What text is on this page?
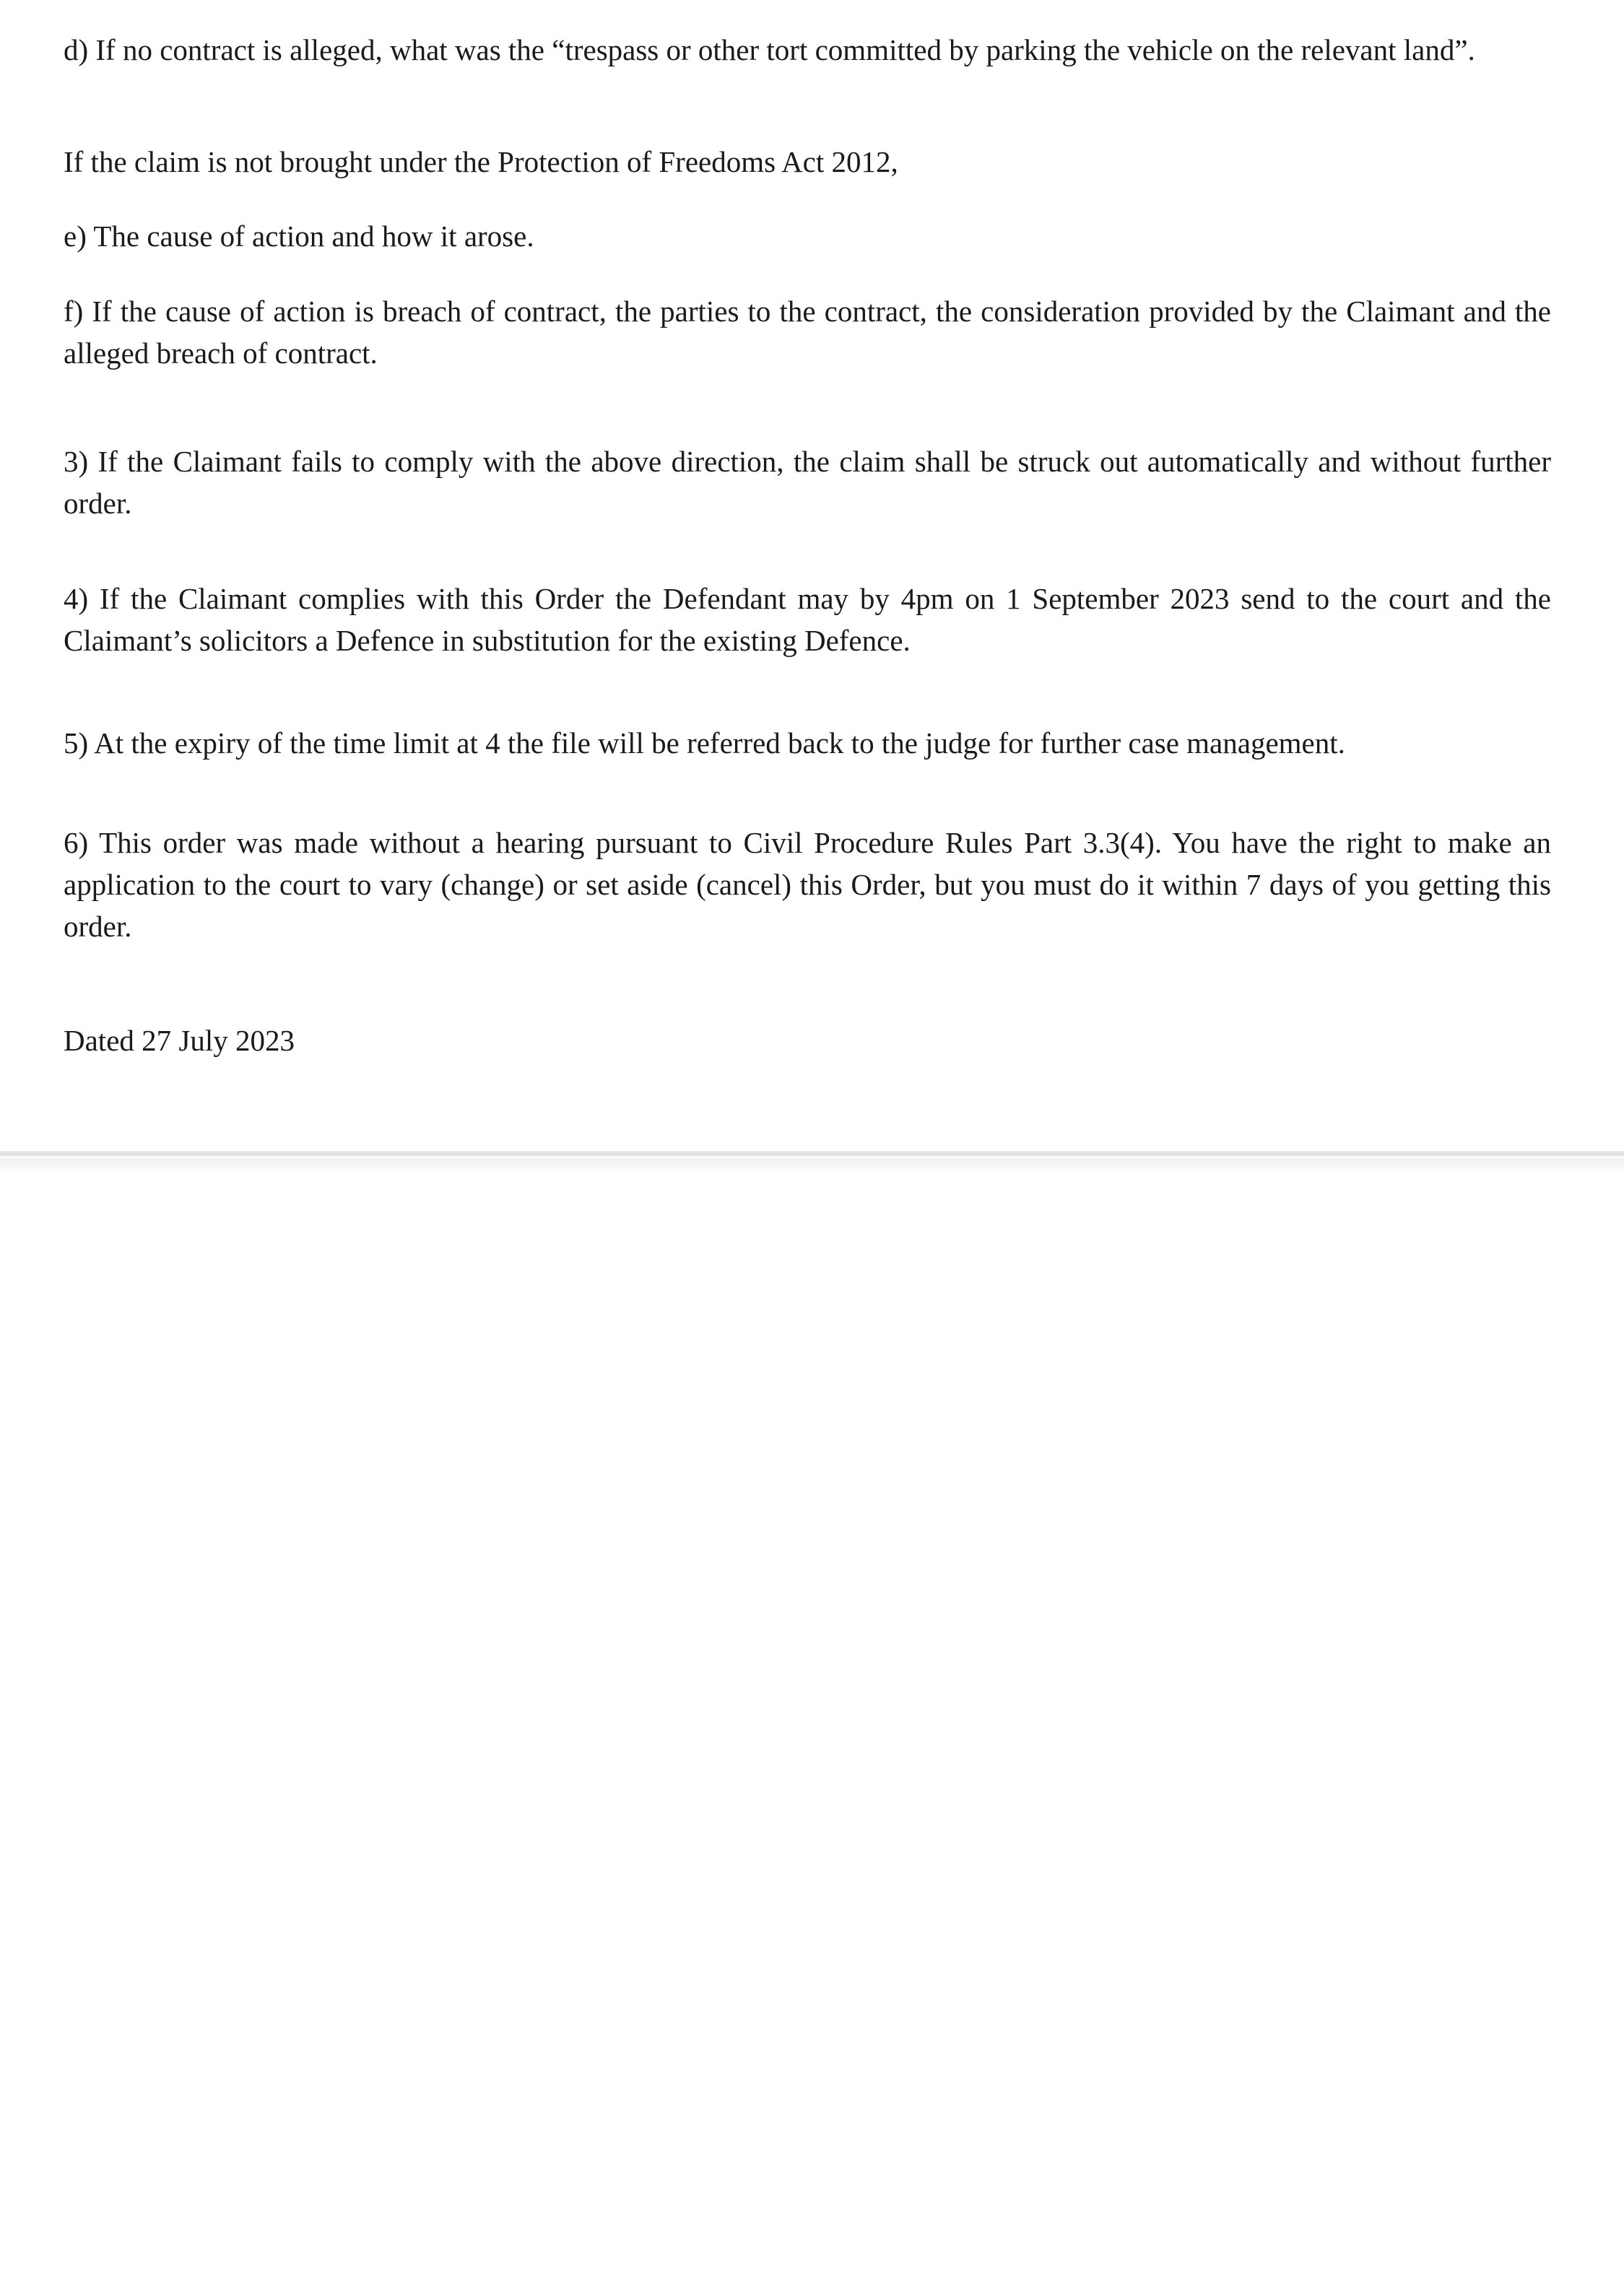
d) If no contract is alleged, what was the “trespass or other tort committed by parking the vehicle on the relevant land”.

If the claim is not brought under the Protection of Freedoms Act 2012,

e) The cause of action and how it arose.

f) If the cause of action is breach of contract, the parties to the contract, the consideration provided by the Claimant and the alleged breach of contract.

3) If the Claimant fails to comply with the above direction, the claim shall be struck out automatically and without further order.

4) If the Claimant complies with this Order the Defendant may by 4pm on 1 September 2023 send to the court and the Claimant’s solicitors a Defence in substitution for the existing Defence.

5) At the expiry of the time limit at 4 the file will be referred back to the judge for further case management.

6) This order was made without a hearing pursuant to Civil Procedure Rules Part 3.3(4). You have the right to make an application to the court to vary (change) or set aside (cancel) this Order, but you must do it within 7 days of you getting this order.

Dated 27 July 2023
